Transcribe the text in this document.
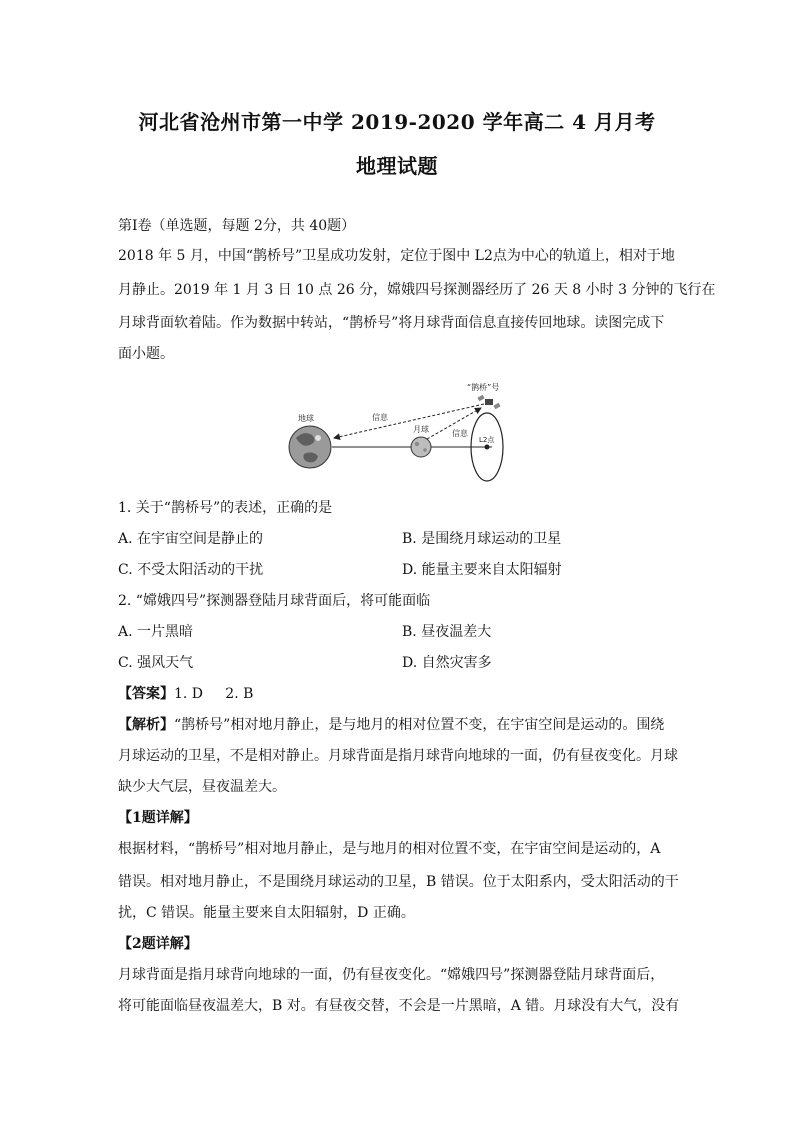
河北省沧州市第一中学 2019-2020 学年高二 4 月月考
地理试题
第Ⅰ卷（单选题，每题 2分，共 40题）
2018 年 5 月，中国“鹊桥号”卫星成功发射，定位于图中 L2点为中心的轨道上，相对于地
月静止。2019 年 1 月 3 日 10 点 26 分，嫦娥四号探测器经历了 26 天 8 小时 3 分钟的飞行在
月球背面软着陆。作为数据中转站，“鹊桥号”将月球背面信息直接传回地球。读图完成下
面小题。
地球
月球
“鹊桥”号
信息
信息
L2点
1. 关于“鹊桥号”的表述，正确的是
A. 在宇宙空间是静止的	B. 是围绕月球运动的卫星
C. 不受太阳活动的干扰	D. 能量主要来自太阳辐射
2. “嫦娥四号”探测器登陆月球背面后，将可能面临
A. 一片黑暗	B. 昼夜温差大
C. 强风天气	D. 自然灾害多
【答案】1. D     2. B
【解析】“鹊桥号”相对地月静止，是与地月的相对位置不变，在宇宙空间是运动的。围绕
月球运动的卫星，不是相对静止。月球背面是指月球背向地球的一面，仍有昼夜变化。月球
缺少大气层，昼夜温差大。
【1题详解】
根据材料，“鹊桥号”相对地月静止，是与地月的相对位置不变，在宇宙空间是运动的，A
错误。相对地月静止，不是围绕月球运动的卫星，B 错误。位于太阳系内，受太阳活动的干
扰，C 错误。能量主要来自太阳辐射，D 正确。
【2题详解】
月球背面是指月球背向地球的一面，仍有昼夜变化。“嫦娥四号”探测器登陆月球背面后，
将可能面临昼夜温差大，B 对。有昼夜交替，不会是一片黑暗，A 错。月球没有大气，没有
